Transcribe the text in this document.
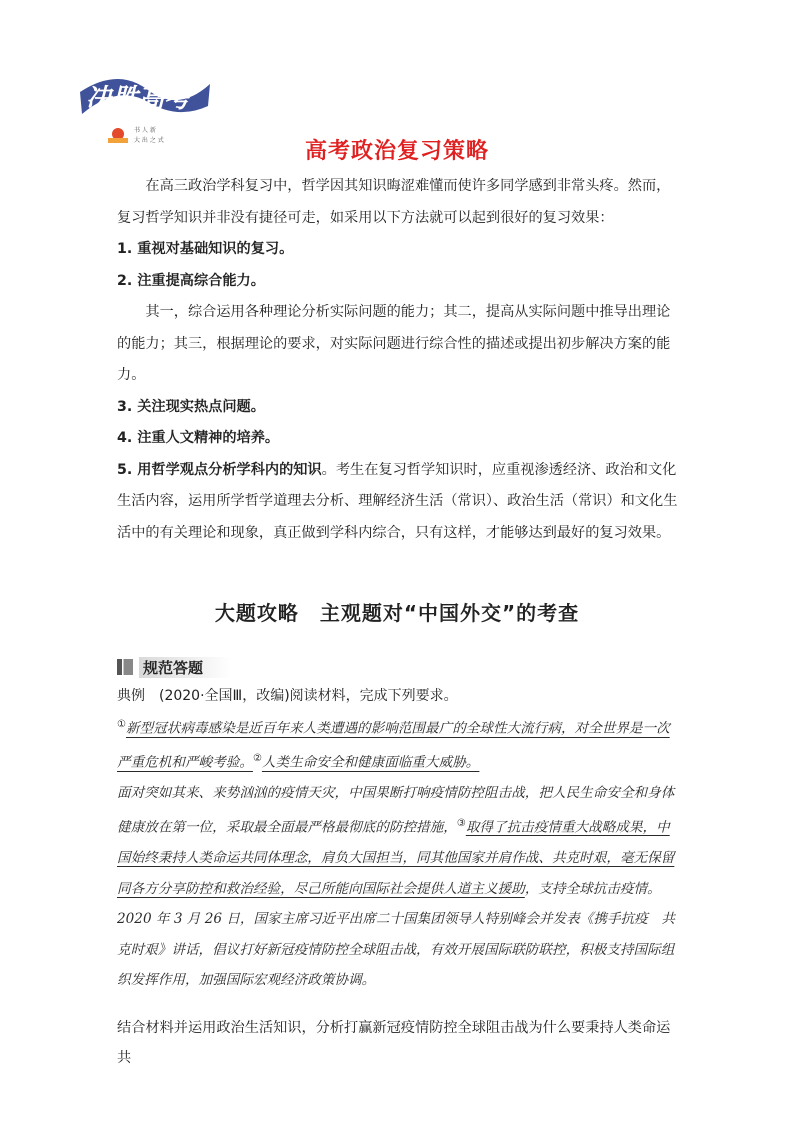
决胜高考
书 人 新
大 出 之 式	高考政治复习策略

在高三政治学科复习中，哲学因其知识晦涩难懂而使许多同学感到非常头疼。然而，复习哲学知识并非没有捷径可走，如采用以下方法就可以起到很好的复习效果：

1. 重视对基础知识的复习。

2. 注重提高综合能力。

其一，综合运用各种理论分析实际问题的能力；其二，提高从实际问题中推导出理论的能力；其三，根据理论的要求，对实际问题进行综合性的描述或提出初步解决方案的能力。

3. 关注现实热点问题。

4. 注重人文精神的培养。

5. 用哲学观点分析学科内的知识。考生在复习哲学知识时，应重视渗透经济、政治和文化生活内容，运用所学哲学道理去分析、理解经济生活（常识）、政治生活（常识）和文化生活中的有关理论和现象，真正做到学科内综合，只有这样，才能够达到最好的复习效果。

大题攻略　主观题对“中国外交”的考查
规范答题
典例　(2020·全国Ⅲ，改编)阅读材料，完成下列要求。

①新型冠状病毒感染是近百年来人类遭遇的影响范围最广的全球性大流行病，对全世界是一次严重危机和严峻考验。②人类生命安全和健康面临重大威胁。

面对突如其来、来势汹汹的疫情天灾，中国果断打响疫情防控阻击战，把人民生命安全和身体健康放在第一位，采取最全面最严格最彻底的防控措施，③取得了抗击疫情重大战略成果，中国始终秉持人类命运共同体理念，肩负大国担当，同其他国家并肩作战、共克时艰，毫无保留同各方分享防控和救治经验，尽己所能向国际社会提供人道主义援助，支持全球抗击疫情。

2020 年 3 月 26 日，国家主席习近平出席二十国集团领导人特别峰会并发表《携手抗疫　共克时艰》讲话，倡议打好新冠疫情防控全球阻击战，有效开展国际联防联控，积极支持国际组织发挥作用，加强国际宏观经济政策协调。

结合材料并运用政治生活知识，分析打赢新冠疫情防控全球阻击战为什么要秉持人类命运共
